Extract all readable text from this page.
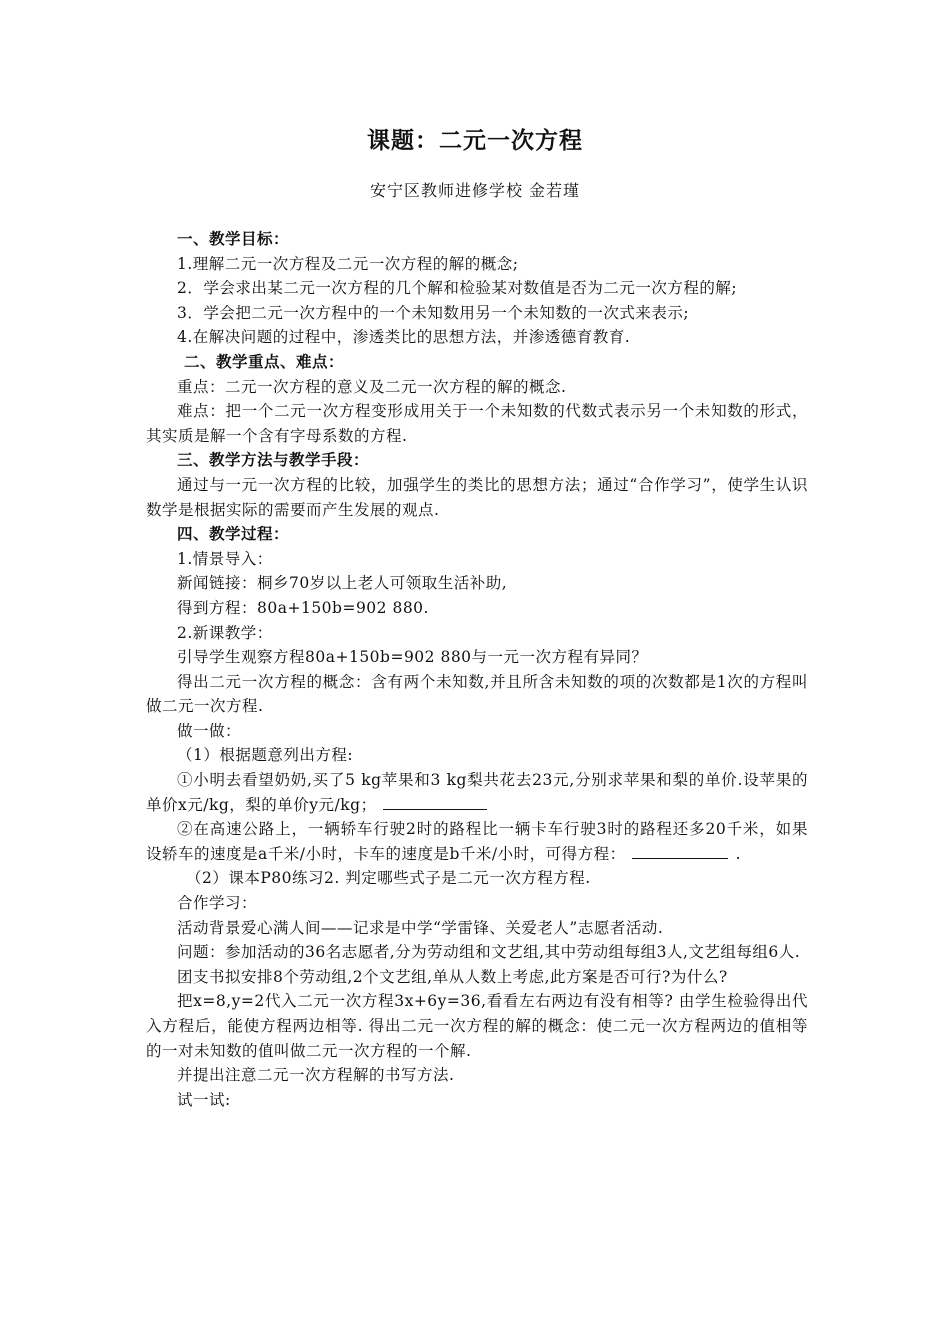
课题：二元一次方程
安宁区教师进修学校 金若瑾

一、教学目标：

1.理解二元一次方程及二元一次方程的解的概念;

2．学会求出某二元一次方程的几个解和检验某对数值是否为二元一次方程的解;

3．学会把二元一次方程中的一个未知数用另一个未知数的一次式来表示;

4.在解决问题的过程中，渗透类比的思想方法，并渗透德育教育.

二、教学重点、难点：

重点：二元一次方程的意义及二元一次方程的解的概念.

难点：把一个二元一次方程变形成用关于一个未知数的代数式表示另一个未知数的形式，其实质是解一个含有字母系数的方程.

三、教学方法与教学手段：

通过与一元一次方程的比较，加强学生的类比的思想方法；通过“合作学习”，使学生认识数学是根据实际的需要而产生发展的观点.

四、教学过程：

1.情景导入：

新闻链接：桐乡70岁以上老人可领取生活补助,

得到方程：80a+150b=902 880.

2.新课教学：

引导学生观察方程80a+150b=902 880与一元一次方程有异同？

得出二元一次方程的概念：含有两个未知数,并且所含未知数的项的次数都是1次的方程叫做二元一次方程.

做一做：

（1）根据题意列出方程:

①小明去看望奶奶,买了5 kg苹果和3 kg梨共花去23元,分别求苹果和梨的单价.设苹果的单价x元/kg，梨的单价y元/kg；

②在高速公路上，一辆轿车行驶2时的路程比一辆卡车行驶3时的路程还多20千米，如果设轿车的速度是a千米/小时，卡车的速度是b千米/小时，可得方程：	.

（2）课本P80练习2. 判定哪些式子是二元一次方程方程.

合作学习：

活动背景爱心满人间——记求是中学“学雷锋、关爱老人”志愿者活动.

问题：参加活动的36名志愿者,分为劳动组和文艺组,其中劳动组每组3人,文艺组每组6人.

团支书拟安排8个劳动组,2个文艺组,单从人数上考虑,此方案是否可行?为什么?

把x=8,y=2代入二元一次方程3x+6y=36,看看左右两边有没有相等? 由学生检验得出代入方程后，能使方程两边相等. 得出二元一次方程的解的概念：使二元一次方程两边的值相等的一对未知数的值叫做二元一次方程的一个解.

并提出注意二元一次方程解的书写方法.

试一试:
